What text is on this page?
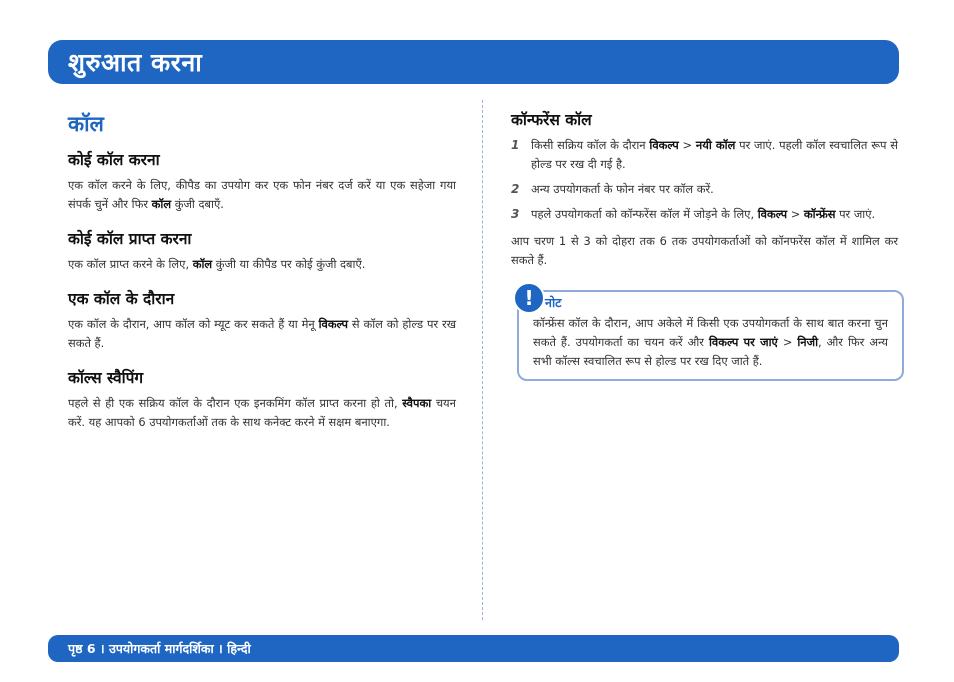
शुरुआत करना
कॉल
कोई कॉल करना

एक कॉल करने के लिए, कीपैड का उपयोग कर एक फोन नंबर दर्ज करें या एक सहेजा गया संपर्क चुनें और फिर कॉल कुंजी दबाएँ.

कोई कॉल प्राप्त करना

एक कॉल प्राप्त करने के लिए, कॉल कुंजी या कीपैड पर कोई कुंजी दबाएँ.

एक कॉल के दौरान

एक कॉल के दौरान, आप कॉल को म्यूट कर सकते हैं या मेनू विकल्प से कॉल को होल्ड पर रख सकते हैं.

कॉल्स स्वैपिंग

पहले से ही एक सक्रिय कॉल के दौरान एक इनकमिंग कॉल प्राप्त करना हो तो, स्वैपका चयन करें. यह आपको 6 उपयोगकर्ताओं तक के साथ कनेक्ट करने में सक्षम बनाएगा.

कॉन्फरेंस कॉल
1	किसी सक्रिय कॉल के दौरान विकल्प > नयी कॉल पर जाएं. पहली कॉल स्वचालित रूप से होल्ड पर रख दी गई है.
2	अन्य उपयोगकर्ता के फोन नंबर पर कॉल करें.
3	पहले उपयोगकर्ता को कॉन्फरेंस कॉल में जोड़ने के लिए, विकल्प > कॉन्फ्रेंस पर जाएं.

आप चरण 1 से 3 को दोहरा तक 6 तक उपयोगकर्ताओं को कॉनफरेंस कॉल में शामिल कर सकते हैं.

! नोट

कॉन्फ्रेंस कॉल के दौरान, आप अकेले में किसी एक उपयोगकर्ता के साथ बात करना चुन सकते हैं. उपयोगकर्ता का चयन करें और विकल्प पर जाएं > निजी, और फिर अन्य सभी कॉल्स स्वचालित रूप से होल्ड पर रख दिए जाते हैं.

पृष्ठ 6 । उपयोगकर्ता मार्गदर्शिका । हिन्दी
